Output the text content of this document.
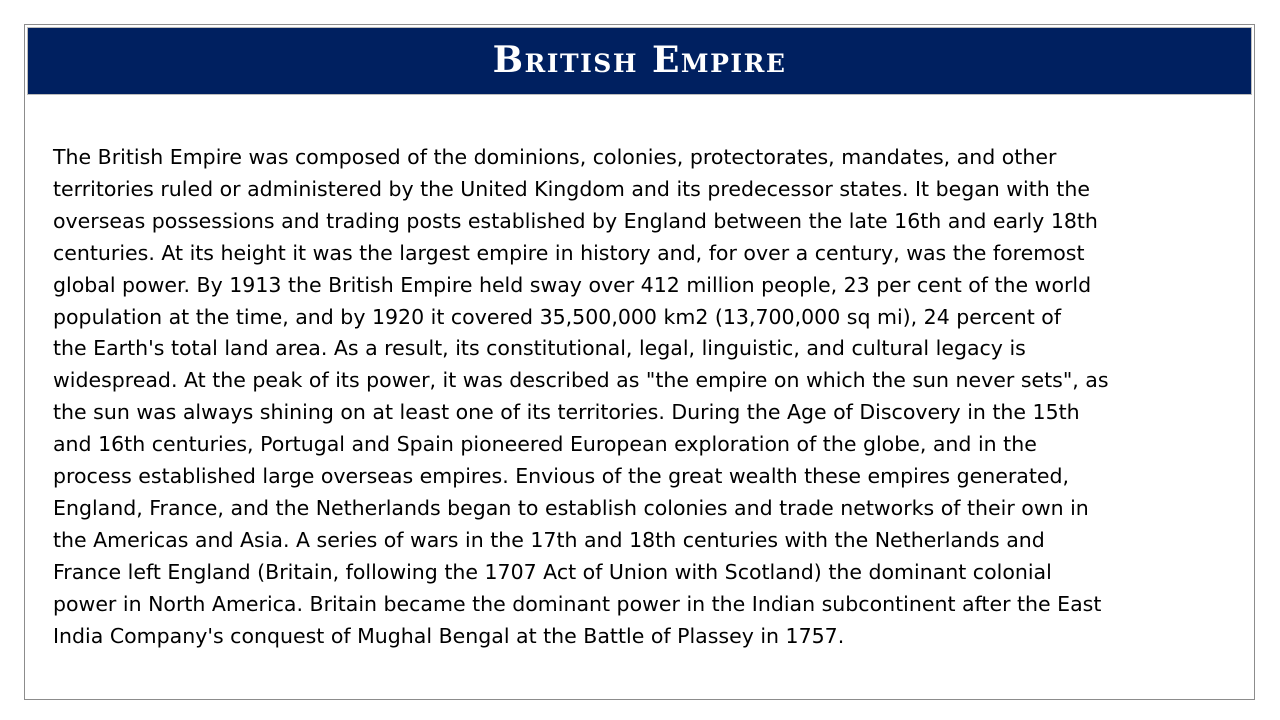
British Empire

The British Empire was composed of the dominions, colonies, protectorates, mandates, and other
territories ruled or administered by the United Kingdom and its predecessor states. It began with the
overseas possessions and trading posts established by England between the late 16th and early 18th
centuries. At its height it was the largest empire in history and, for over a century, was the foremost
global power. By 1913 the British Empire held sway over 412 million people, 23 per cent of the world
population at the time, and by 1920 it covered 35,500,000 km2 (13,700,000 sq mi), 24 percent of
the Earth's total land area. As a result, its constitutional, legal, linguistic, and cultural legacy is
widespread. At the peak of its power, it was described as "the empire on which the sun never sets", as
the sun was always shining on at least one of its territories. During the Age of Discovery in the 15th
and 16th centuries, Portugal and Spain pioneered European exploration of the globe, and in the
process established large overseas empires. Envious of the great wealth these empires generated,
England, France, and the Netherlands began to establish colonies and trade networks of their own in
the Americas and Asia. A series of wars in the 17th and 18th centuries with the Netherlands and
France left England (Britain, following the 1707 Act of Union with Scotland) the dominant colonial
power in North America. Britain became the dominant power in the Indian subcontinent after the East
India Company's conquest of Mughal Bengal at the Battle of Plassey in 1757.
